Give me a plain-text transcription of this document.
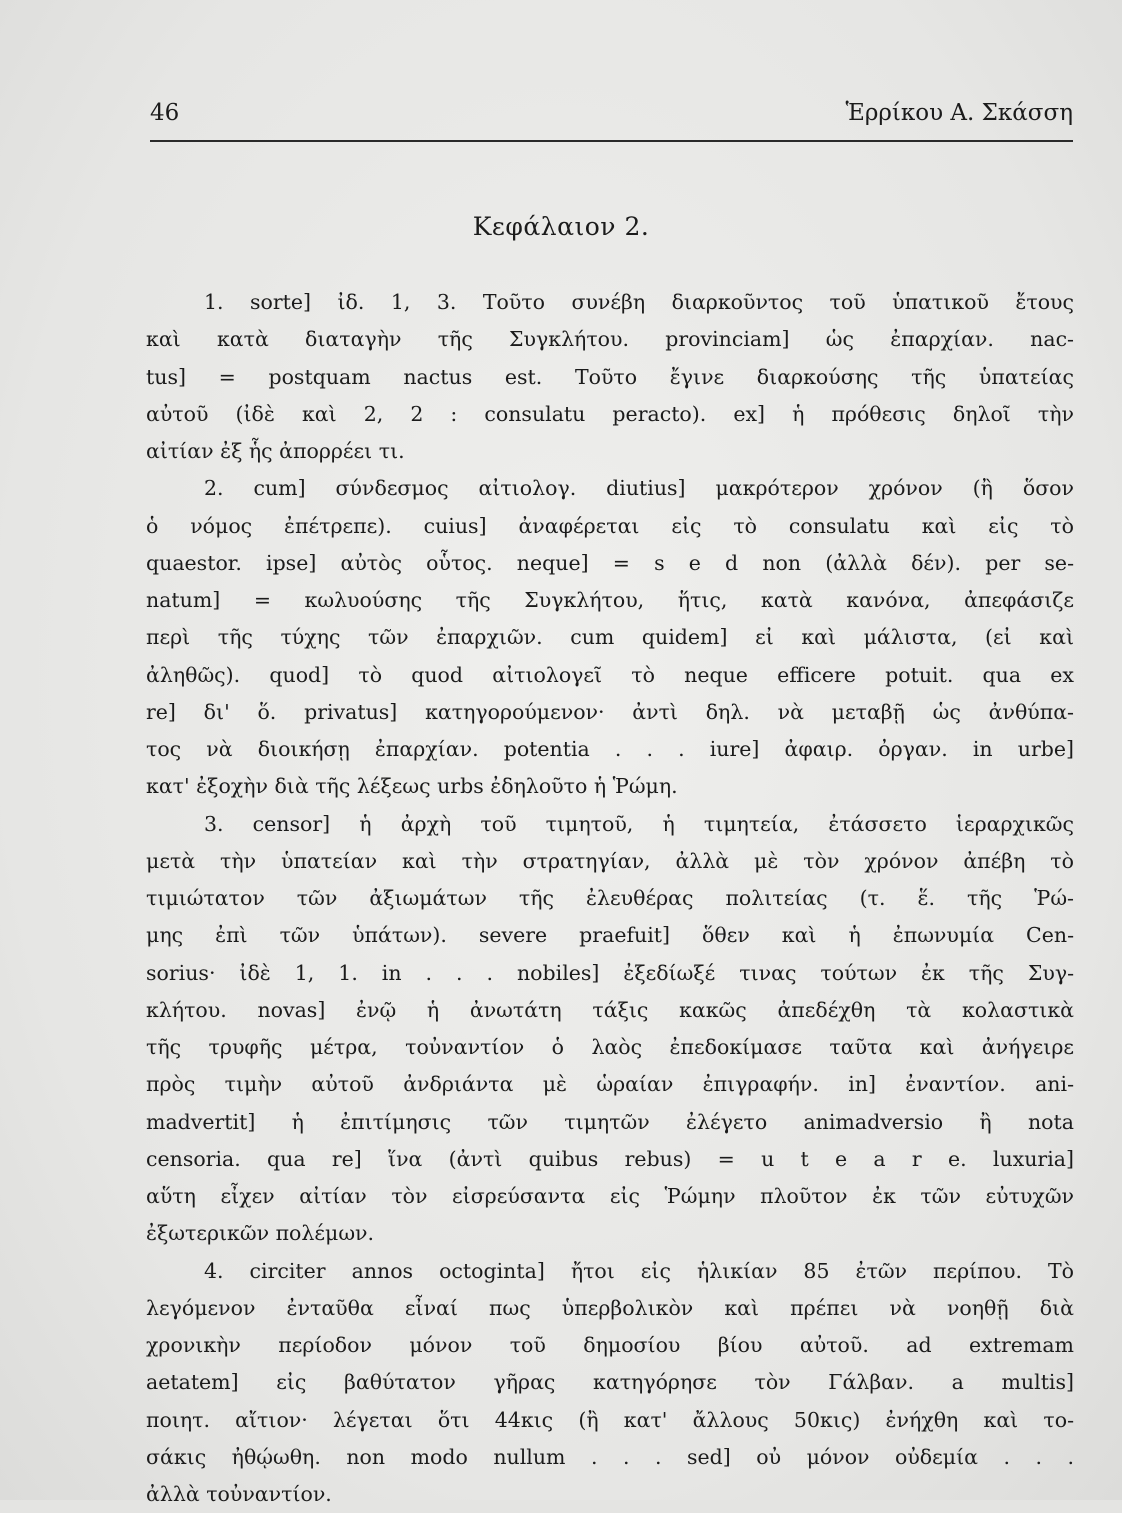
46	Ἑρρίκου Α. Σκάσση
Κεφάλαιον 2.
1. sorte] ἰδ. 1, 3. Τοῦτο συνέβη διαρκοῦντος τοῦ ὑπατικοῦ ἔτους
καὶ κατὰ διαταγὴν τῆς Συγκλήτου. provinciam] ὡς ἐπαρχίαν. nac-
tus] = postquam nactus est. Τοῦτο ἔγινε διαρκούσης τῆς ὑπατείας
αὐτοῦ (ἰδὲ καὶ 2, 2 : consulatu peracto). ex] ἡ πρόθεσις δηλοῖ τὴν
αἰτίαν ἐξ ἧς ἀπορρέει τι.
2. cum] σύνδεσμος αἰτιολογ. diutius] μακρότερον χρόνον (ἢ ὅσον
ὁ νόμος ἐπέτρεπε). cuius] ἀναφέρεται εἰς τὸ consulatu καὶ εἰς τὸ
quaestor. ipse] αὐτὸς οὗτος. neque] = s e d non (ἀλλὰ δέν). per se-
natum] = κωλυούσης τῆς Συγκλήτου, ἥτις, κατὰ κανόνα, ἀπεφάσιζε
περὶ τῆς τύχης τῶν ἐπαρχιῶν. cum quidem] εἰ καὶ μάλιστα, (εἰ καὶ
ἀληθῶς). quod] τὸ quod αἰτιολογεῖ τὸ neque efficere potuit. qua ex
re] δι' ὅ. privatus] κατηγορούμενον· ἀντὶ δηλ. νὰ μεταβῇ ὡς ἀνθύπα-
τος νὰ διοικήσῃ ἐπαρχίαν. potentia . . . iure] ἀφαιρ. ὀργαν. in urbe]
κατ' ἐξοχὴν διὰ τῆς λέξεως urbs ἐδηλοῦτο ἡ Ῥώμη.
3. censor] ἡ ἀρχὴ τοῦ τιμητοῦ, ἡ τιμητεία, ἐτάσσετο ἱεραρχικῶς
μετὰ τὴν ὑπατείαν καὶ τὴν στρατηγίαν, ἀλλὰ μὲ τὸν χρόνον ἀπέβη τὸ
τιμιώτατον τῶν ἀξιωμάτων τῆς ἐλευθέρας πολιτείας (τ. ἕ. τῆς Ῥώ-
μης ἐπὶ τῶν ὑπάτων). severe praefuit] ὅθεν καὶ ἡ ἐπωνυμία Cen-
sorius· ἰδὲ 1, 1. in . . . nobiles] ἐξεδίωξέ τινας τούτων ἐκ τῆς Συγ-
κλήτου. novas] ἐνῷ ἡ ἀνωτάτη τάξις κακῶς ἀπεδέχθη τὰ κολαστικὰ
τῆς τρυφῆς μέτρα, τοὐναντίον ὁ λαὸς ἐπεδοκίμασε ταῦτα καὶ ἀνήγειρε
πρὸς τιμὴν αὐτοῦ ἀνδριάντα μὲ ὡραίαν ἐπιγραφήν. in] ἐναντίον. ani-
madvertit] ἡ ἐπιτίμησις τῶν τιμητῶν ἐλέγετο animadversio ἢ nota
censoria. qua re] ἵνα (ἀντὶ quibus rebus) = u t e a r e. luxuria]
αὕτη εἶχεν αἰτίαν τὸν εἰσρεύσαντα εἰς Ῥώμην πλοῦτον ἐκ τῶν εὐτυχῶν
ἐξωτερικῶν πολέμων.
4. circiter annos octoginta] ἤτοι εἰς ἡλικίαν 85 ἐτῶν περίπου. Τὸ
λεγόμενον ἐνταῦθα εἶναί πως ὑπερβολικὸν καὶ πρέπει νὰ νοηθῇ διὰ
χρονικὴν περίοδον μόνον τοῦ δημοσίου βίου αὐτοῦ. ad extremam
aetatem] εἰς βαθύτατον γῆρας κατηγόρησε τὸν Γάλβαν. a multis]
ποιητ. αἴτιον· λέγεται ὅτι 44κις (ἢ κατ' ἄλλους 50κις) ἐνήχθη καὶ το-
σάκις ἠθῴωθη. non modo nullum . . . sed] οὐ μόνον οὐδεμία . . .
ἀλλὰ τοὐναντίον.
